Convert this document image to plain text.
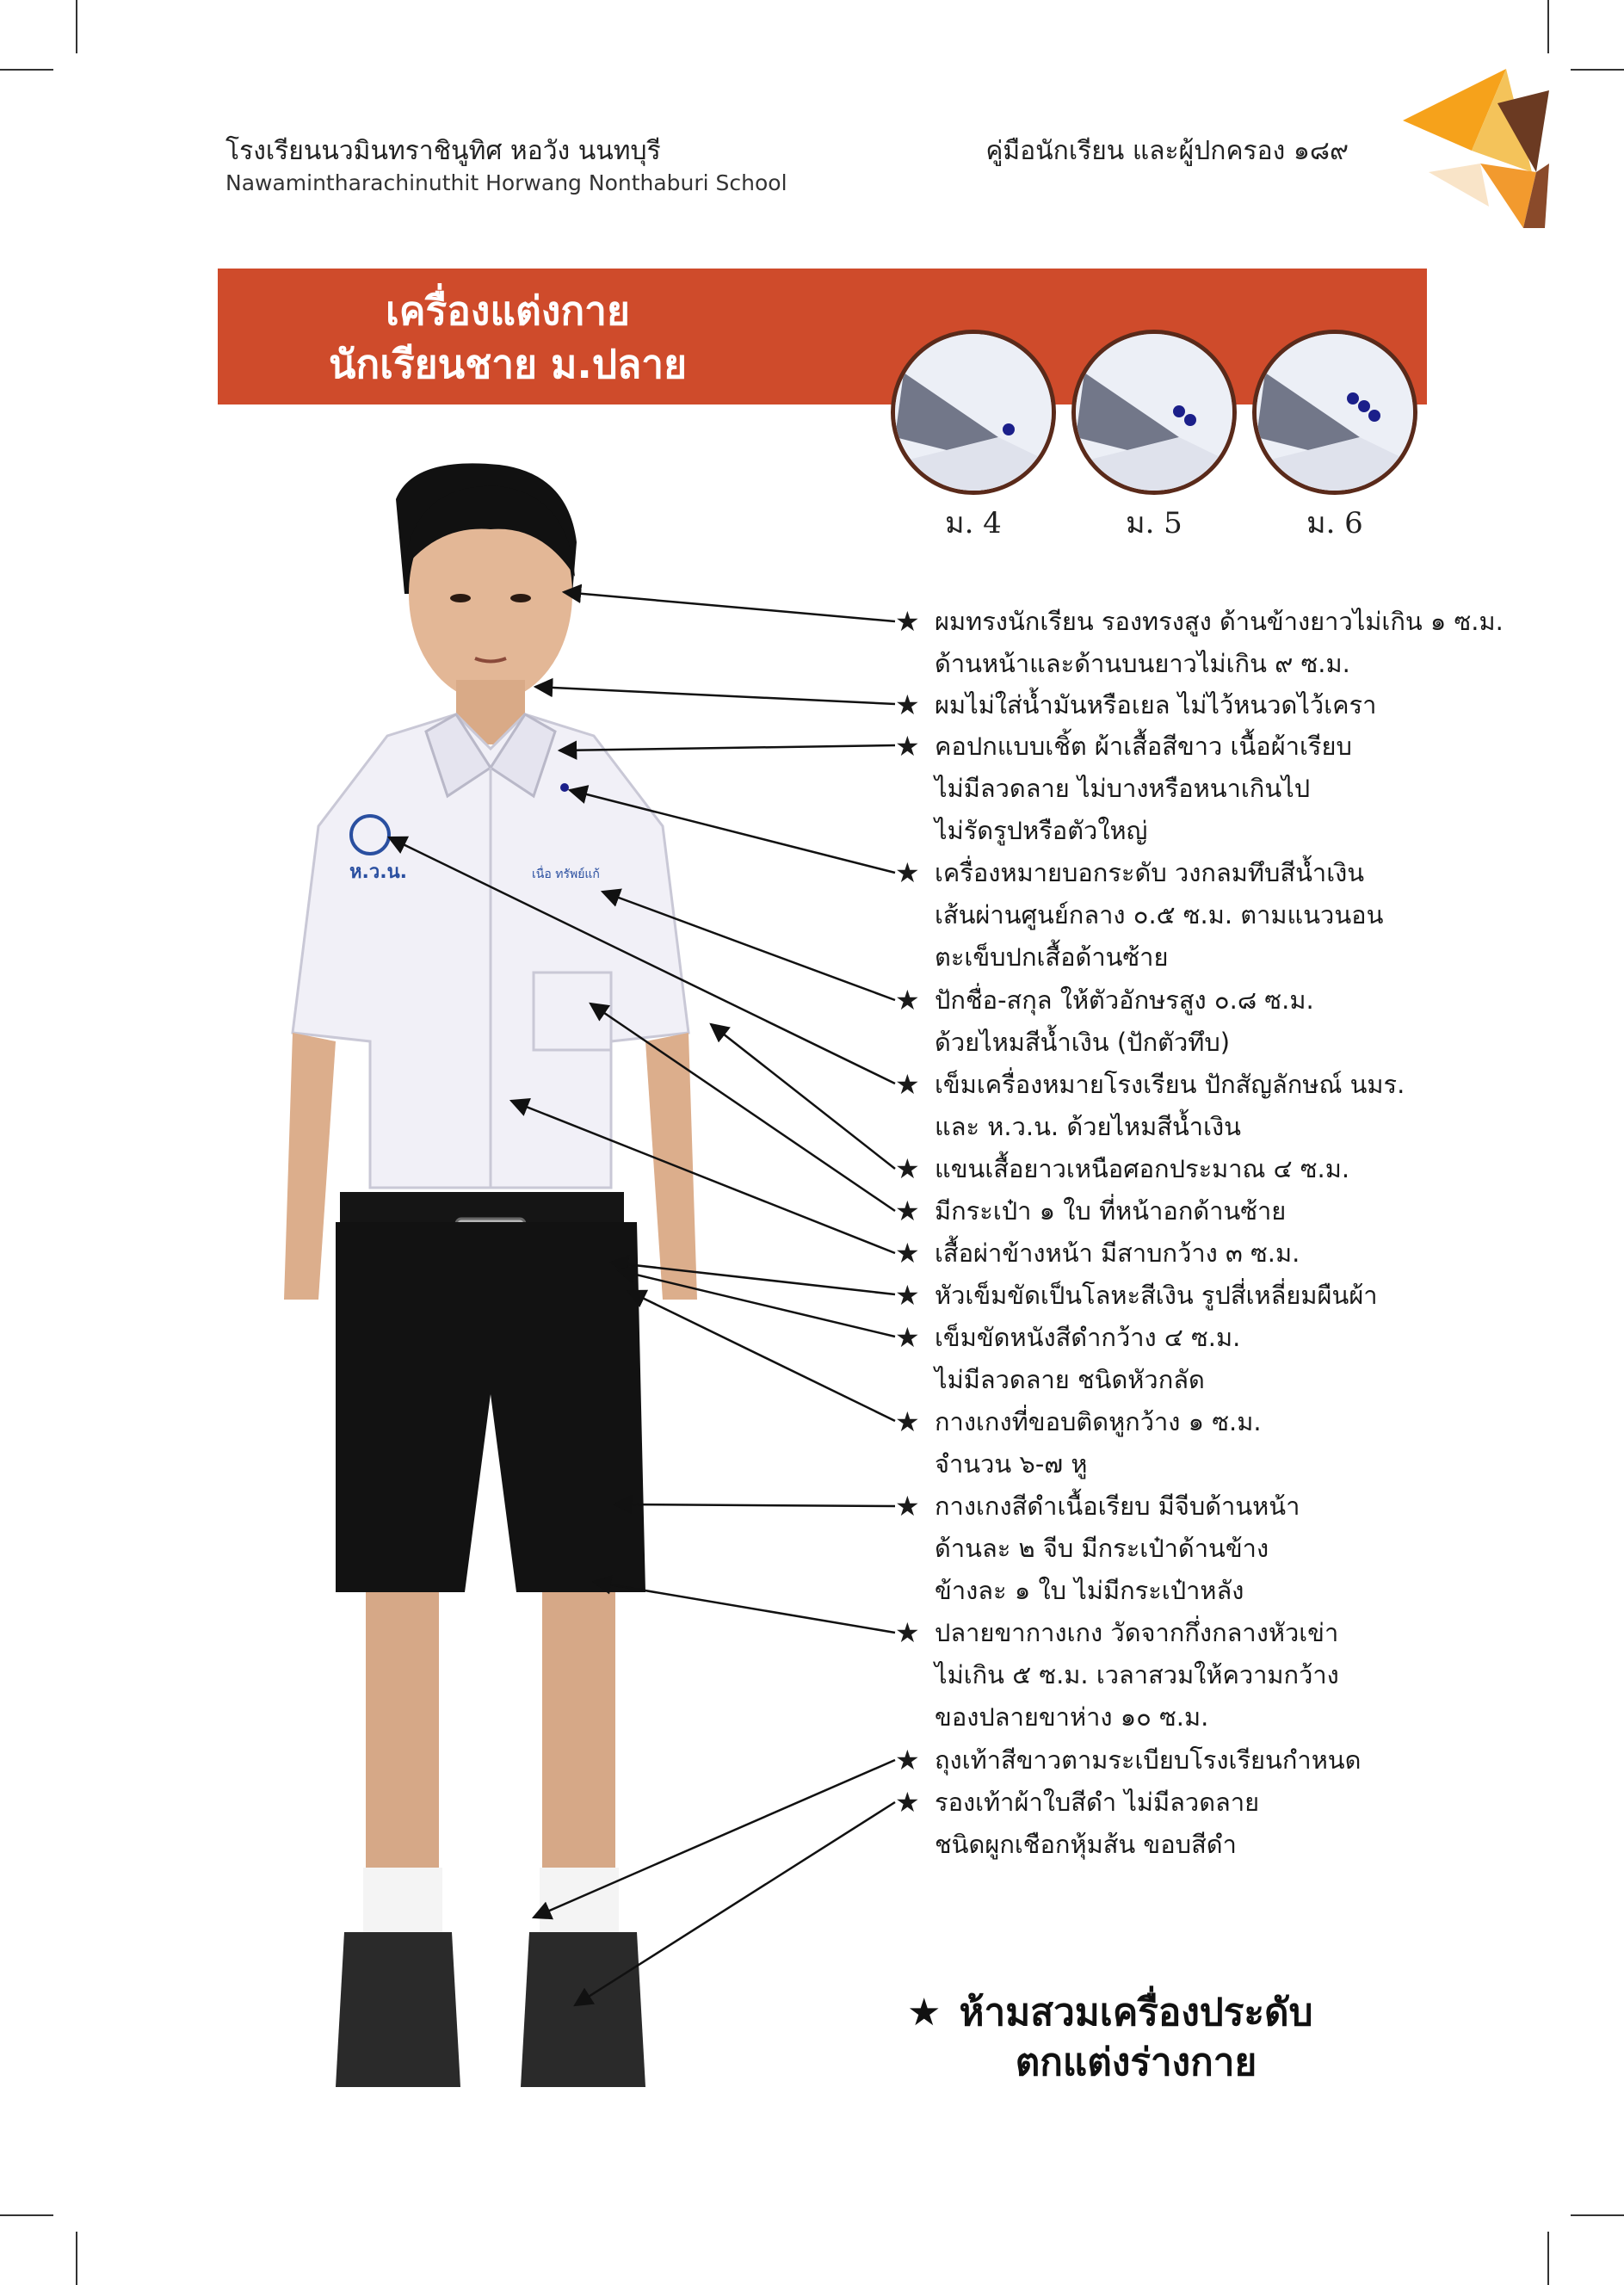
โรงเรียนนวมินทราชินูทิศ หอวัง นนทบุรี
Nawamintharachinuthit Horwang Nonthaburi School
คู่มือนักเรียน และผู้ปกครอง ๑๘๙
เครื่องแต่งกาย
นักเรียนชาย ม.ปลาย
ม. 4	ม. 5	ม. 6
ห.ว.น.	เนื่อ ทรัพย์แก้
★ ผมทรงนักเรียน รองทรงสูง ด้านข้างยาวไม่เกิน ๑ ซ.ม.
ด้านหน้าและด้านบนยาวไม่เกิน ๙ ซ.ม.
★ ผมไม่ใส่น้ำมันหรือเยล ไม่ไว้หนวดไว้เครา
★ คอปกแบบเชิ้ต ผ้าเสื้อสีขาว เนื้อผ้าเรียบ
ไม่มีลวดลาย ไม่บางหรือหนาเกินไป
ไม่รัดรูปหรือตัวใหญ่
★ เครื่องหมายบอกระดับ วงกลมทึบสีน้ำเงิน
เส้นผ่านศูนย์กลาง ๐.๕ ซ.ม. ตามแนวนอน
ตะเข็บปกเสื้อด้านซ้าย
★ ปักชื่อ-สกุล ให้ตัวอักษรสูง ๐.๘ ซ.ม.
ด้วยไหมสีน้ำเงิน (ปักตัวทึบ)
★ เข็มเครื่องหมายโรงเรียน ปักสัญลักษณ์ นมร.
และ ห.ว.น. ด้วยไหมสีน้ำเงิน
★ แขนเสื้อยาวเหนือศอกประมาณ ๔ ซ.ม.
★ มีกระเป๋า ๑ ใบ ที่หน้าอกด้านซ้าย
★ เสื้อผ่าข้างหน้า มีสาบกว้าง ๓ ซ.ม.
★ หัวเข็มขัดเป็นโลหะสีเงิน รูปสี่เหลี่ยมผืนผ้า
★ เข็มขัดหนังสีดำกว้าง ๔ ซ.ม.
ไม่มีลวดลาย ชนิดหัวกลัด
★ กางเกงที่ขอบติดหูกว้าง ๑ ซ.ม.
จำนวน ๖-๗ หู
★ กางเกงสีดำเนื้อเรียบ มีจีบด้านหน้า
ด้านละ ๒ จีบ มีกระเป๋าด้านข้าง
ข้างละ ๑ ใบ ไม่มีกระเป๋าหลัง
★ ปลายขากางเกง วัดจากกึ่งกลางหัวเข่า
ไม่เกิน ๕ ซ.ม. เวลาสวมให้ความกว้าง
ของปลายขาห่าง ๑๐ ซ.ม.
★ ถุงเท้าสีขาวตามระเบียบโรงเรียนกำหนด
★ รองเท้าผ้าใบสีดำ ไม่มีลวดลาย
ชนิดผูกเชือกหุ้มส้น ขอบสีดำ
★ ห้ามสวมเครื่องประดับ
ตกแต่งร่างกาย
